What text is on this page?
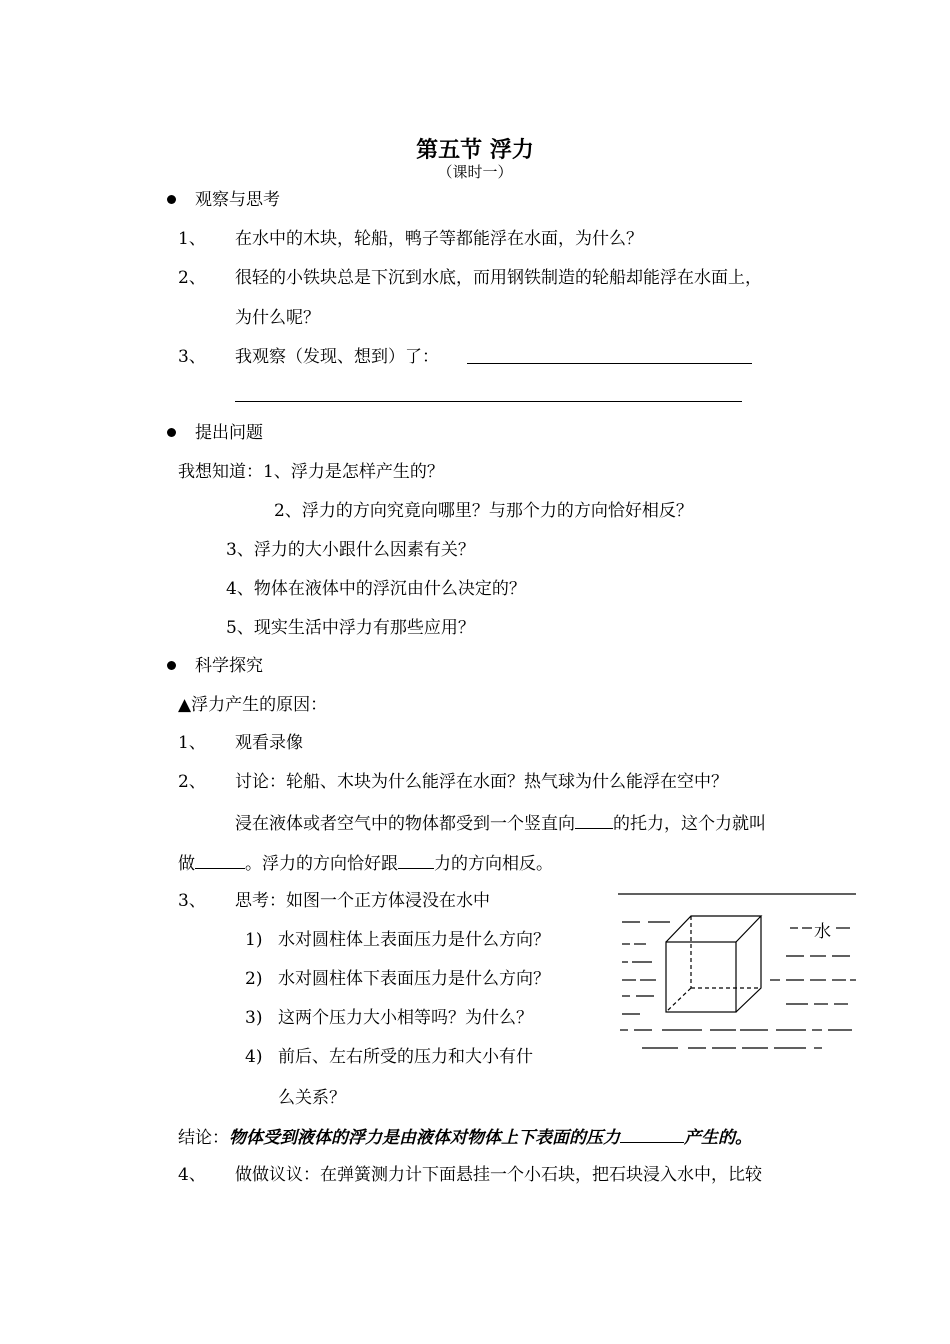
第五节 浮力
（课时一）
观察与思考
1、 在水中的木块，轮船，鸭子等都能浮在水面，为什么？
2、 很轻的小铁块总是下沉到水底，而用钢铁制造的轮船却能浮在水面上，
为什么呢？
3、 我观察（发现、想到）了：
提出问题
我想知道：1、浮力是怎样产生的？
2、浮力的方向究竟向哪里？与那个力的方向恰好相反？
3、浮力的大小跟什么因素有关？
4、物体在液体中的浮沉由什么决定的？
5、现实生活中浮力有那些应用？
科学探究
▲浮力产生的原因：
1、 观看录像
2、 讨论：轮船、木块为什么能浮在水面？热气球为什么能浮在空中？
浸在液体或者空气中的物体都受到一个竖直向 的托力，这个力就叫
做	。浮力的方向恰好跟 力的方向相反。
3、 思考：如图一个正方体浸没在水中
1) 水对圆柱体上表面压力是什么方向？
2) 水对圆柱体下表面压力是什么方向？
3) 这两个压力大小相等吗？为什么？
4) 前后、左右所受的压力和大小有什
么关系？
水
结论：物体受到液体的浮力是由液体对物体上下表面的压力	产生的。
4、 做做议议：在弹簧测力计下面悬挂一个小石块，把石块浸入水中，比较
